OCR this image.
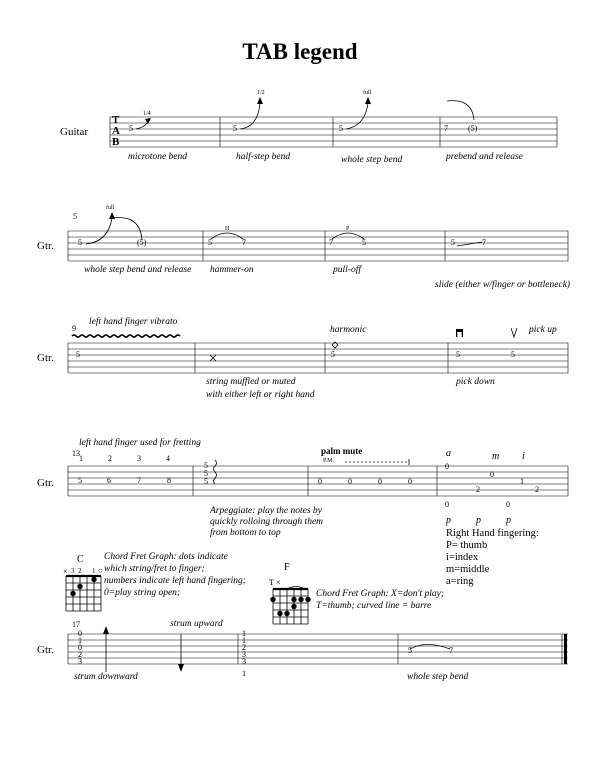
TAB legend
Guitar
T
A
B
1/4
1/2	full
5	5	5	7	(5)
microtone bend	half-step bend	whole step bend	prebend and release
5
Gtr.
full
5	(5)	5	7	7	5	5	7
H	P
whole step bend and release hammer-on	pull-off
slide (either w/finger or bottleneck)
9
left hand finger vibrato
Gtr.
harmonic	pick up
5	5	5	5
string muffled or muted
with either left or right hand
pick down
left hand finger used for fretting
13
1	2	3	4
Gtr.	5	6	7	8
5
5
5
Arpeggiate: play the notes by
quickly rolloing through them
from bottom to top
palm mute
P.M.
0	0	0	0
a	m i
0
0
2
1
0
2
0
p	p	p
Right Hand fingering:
P= thumb
i=index
m=middle
a=ring
C
× 3 2 1 ○
Chord Fret Graph: dots indicate
which string/fret to finger;
numbers indicate left hand fingering;
0=play string open;
F
T ×
Chord Fret Graph: X=don't play;
T=thumb; curved line = barre
17	strum upward
Gtr.
0
1
0
2
3
1
1
2
3
3
1
5	7
strum downward	whole step bend
